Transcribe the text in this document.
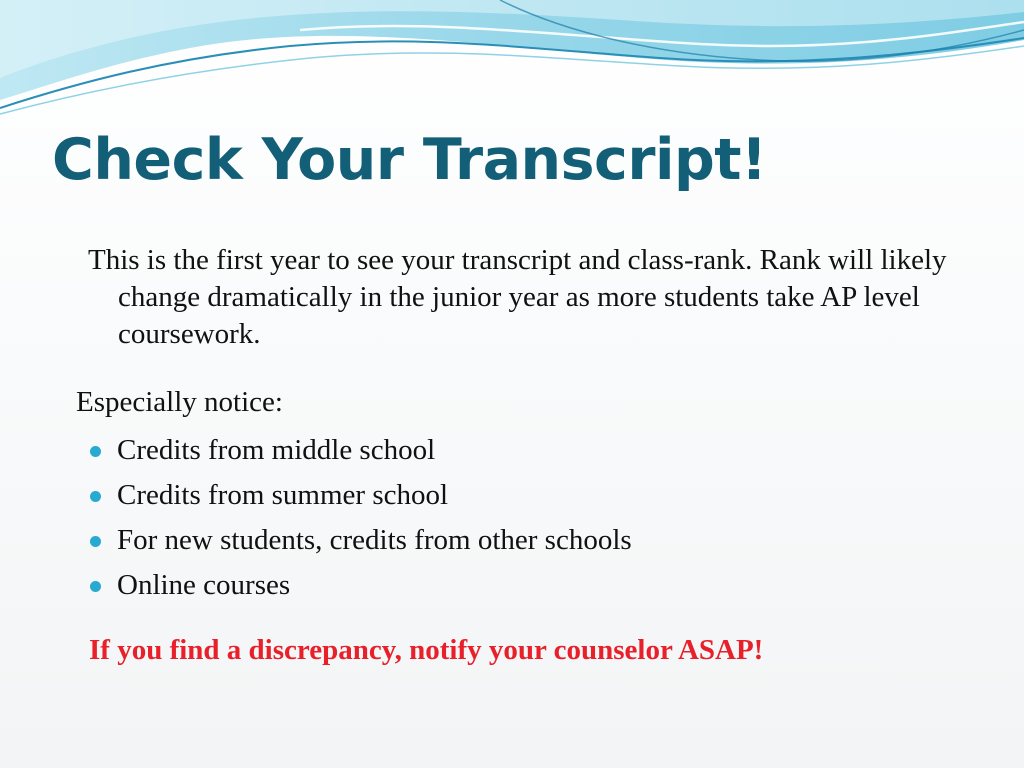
Check Your Transcript!

This is the first year to see your transcript and class-rank. Rank will likely change dramatically in the junior year as more students take AP level coursework.

Especially notice:

Credits from middle school
Credits from summer school
For new students, credits from other schools
Online courses

If you find a discrepancy, notify your counselor ASAP!
